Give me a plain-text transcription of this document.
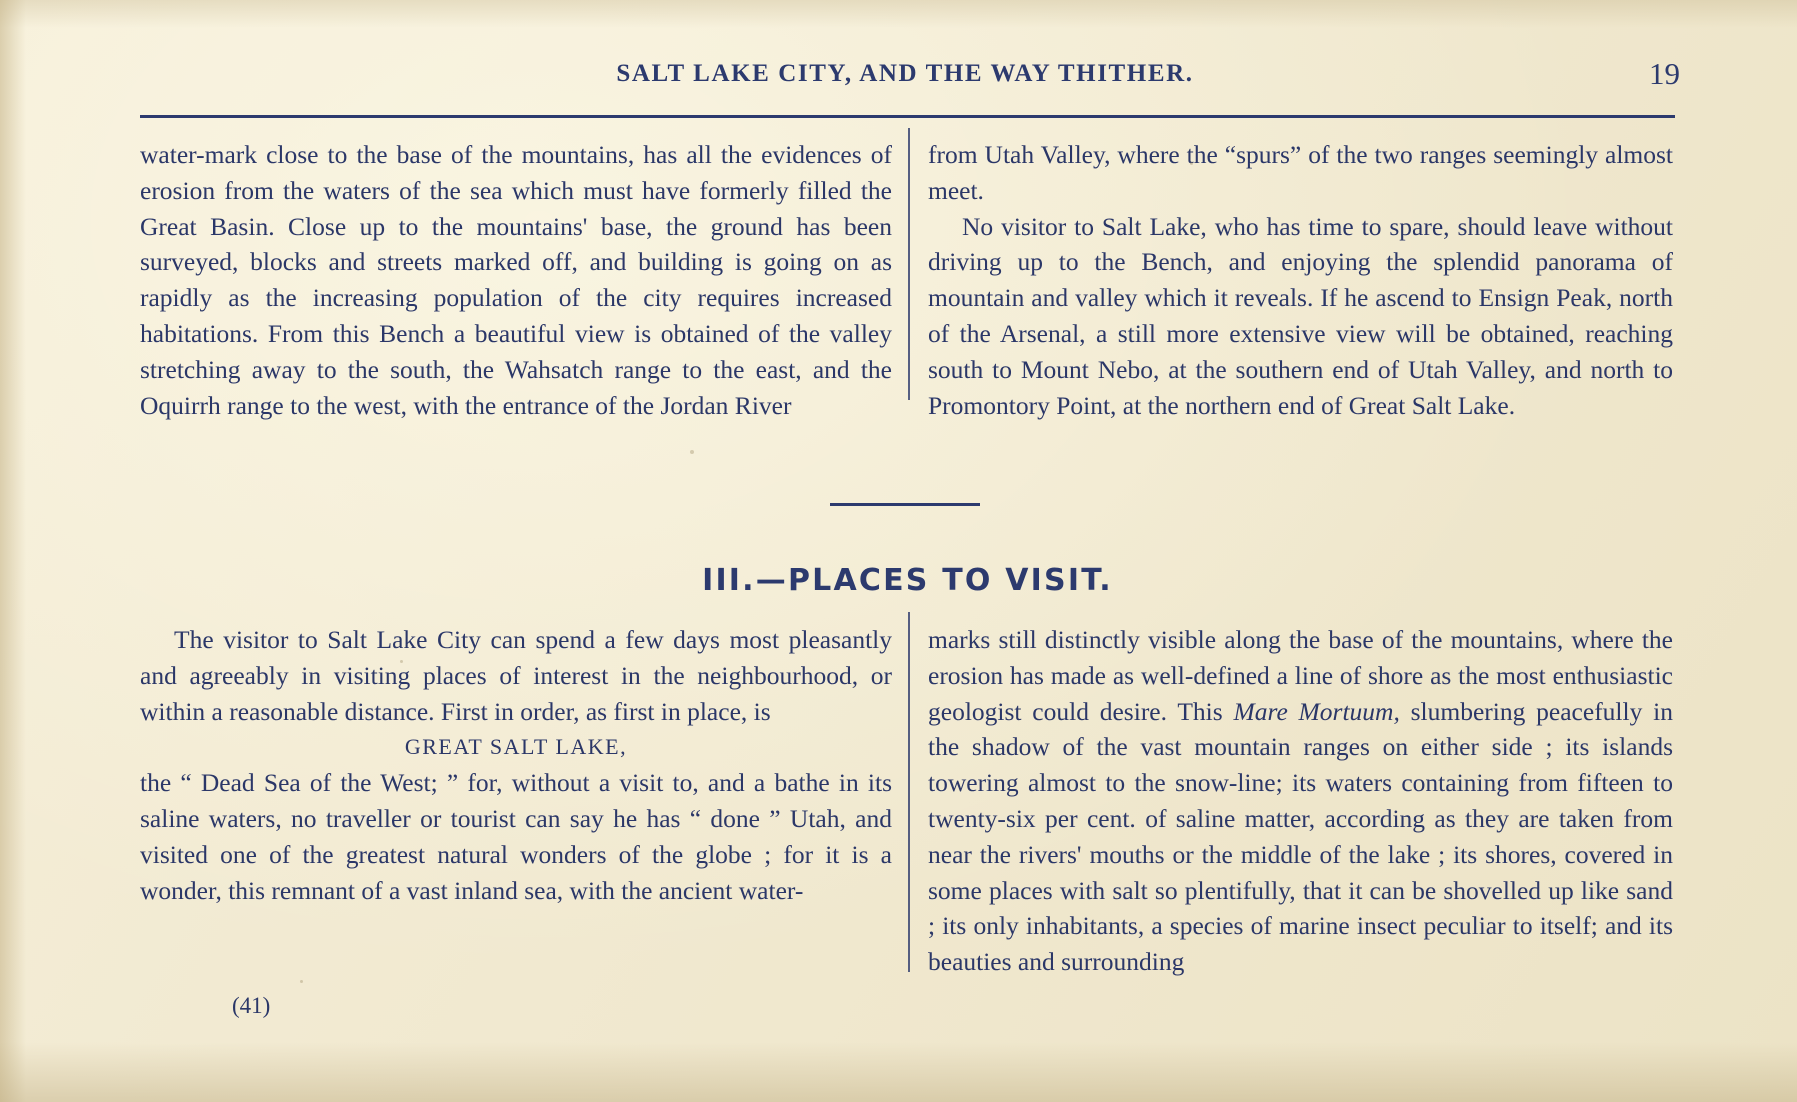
SALT LAKE CITY, AND THE WAY THITHER.	19

water-mark close to the base of the mountains, has all the evidences of erosion from the waters of the sea which must have formerly filled the Great Basin. Close up to the mountains' base, the ground has been surveyed, blocks and streets marked off, and building is going on as rapidly as the increasing population of the city requires increased habitations. From this Bench a beautiful view is obtained of the valley stretching away to the south, the Wahsatch range to the east, and the Oquirrh range to the west, with the entrance of the Jordan River

from Utah Valley, where the “spurs” of the two ranges seemingly almost meet.

No visitor to Salt Lake, who has time to spare, should leave without driving up to the Bench, and enjoying the splendid panorama of mountain and valley which it reveals. If he ascend to Ensign Peak, north of the Arsenal, a still more extensive view will be obtained, reaching south to Mount Nebo, at the southern end of Utah Valley, and north to Promontory Point, at the northern end of Great Salt Lake.

III.—PLACES TO VISIT.

The visitor to Salt Lake City can spend a few days most pleasantly and agreeably in visiting places of interest in the neighbourhood, or within a reasonable distance. First in order, as first in place, is

GREAT SALT LAKE,

the “ Dead Sea of the West; ” for, without a visit to, and a bathe in its saline waters, no traveller or tourist can say he has “ done ” Utah, and visited one of the greatest natural wonders of the globe ; for it is a wonder, this remnant of a vast inland sea, with the ancient water-

marks still distinctly visible along the base of the mountains, where the erosion has made as well-defined a line of shore as the most enthusiastic geologist could desire. This Mare Mortuum, slumbering peacefully in the shadow of the vast mountain ranges on either side ; its islands towering almost to the snow-line; its waters containing from fifteen to twenty-six per cent. of saline matter, according as they are taken from near the rivers' mouths or the middle of the lake ; its shores, covered in some places with salt so plentifully, that it can be shovelled up like sand ; its only inhabitants, a species of marine insect peculiar to itself; and its beauties and surrounding

(41)
